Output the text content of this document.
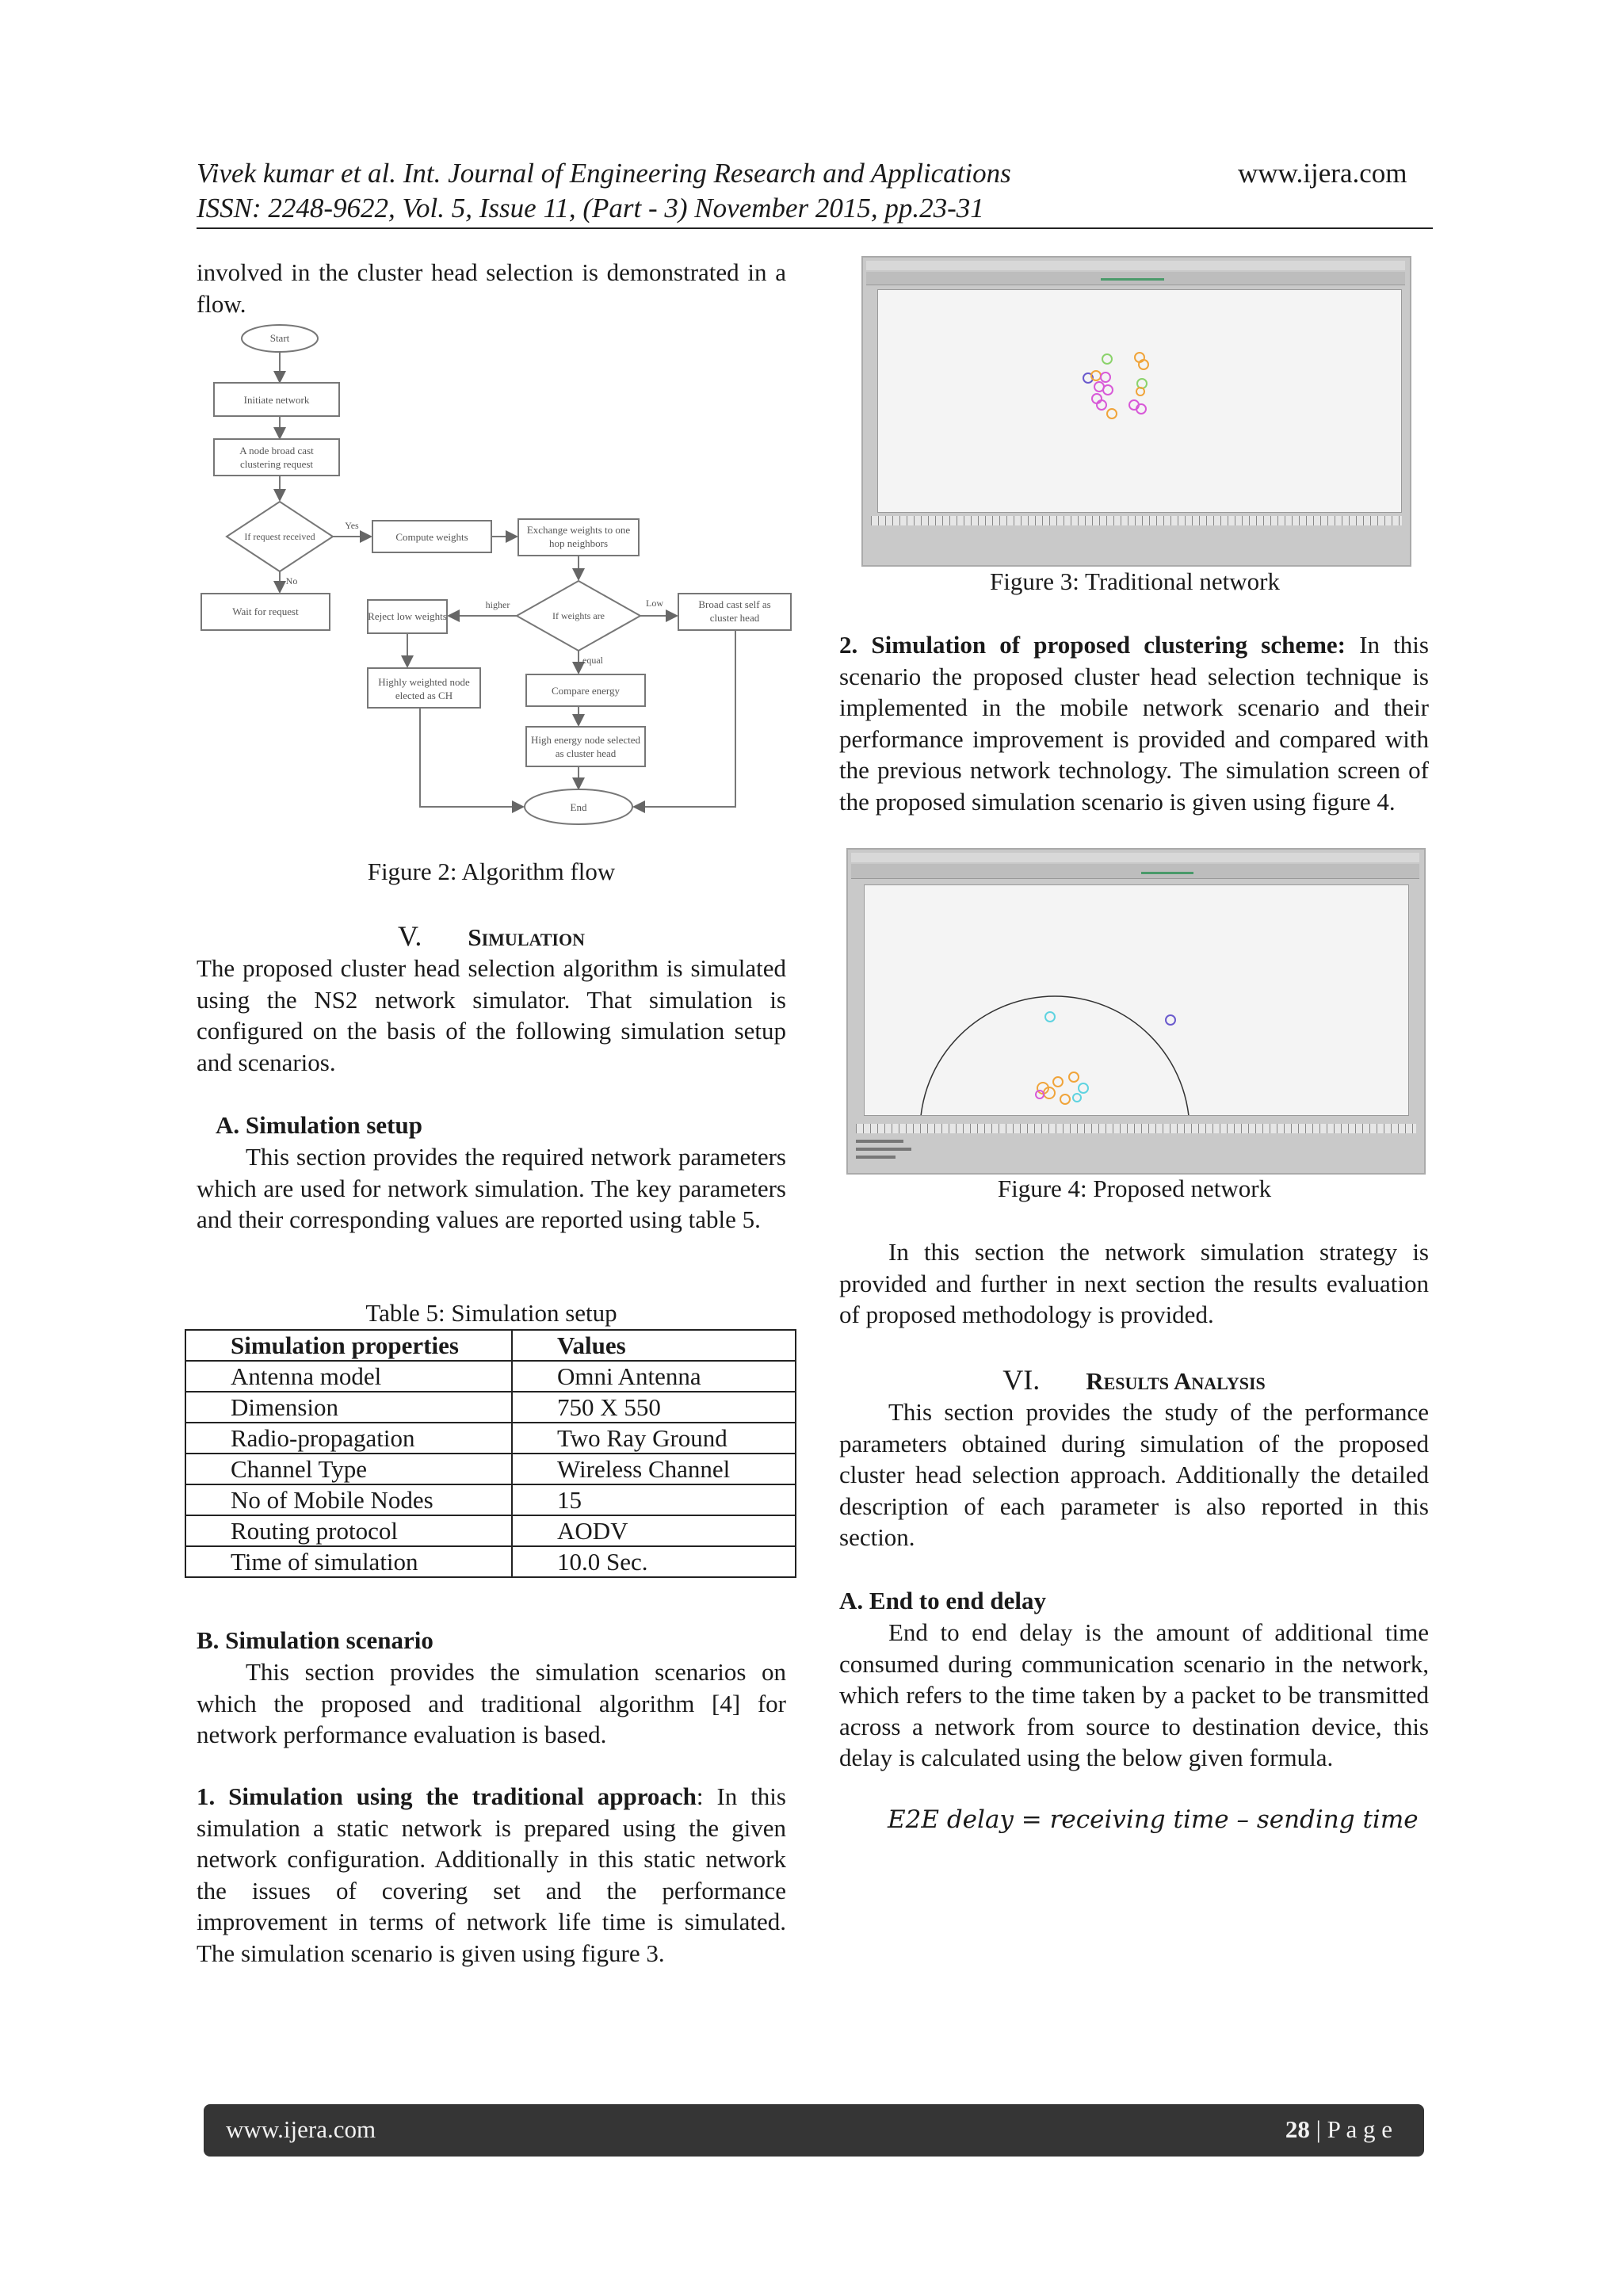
Vivek kumar et al. Int. Journal of Engineering Research and Applications	www.ijera.com
ISSN: 2248-9622, Vol. 5, Issue 11, (Part - 3) November 2015, pp.23-31
involved in the cluster head selection is demonstrated in a flow.
Start
Initiate network
A node broad cast
clustering request
If request received
Yes
No
Wait for request
Compute weights
Exchange weights to one
hop neighbors
If weights are
higher	Low
Reject low weights
Broad cast self as
cluster head
equal
Highly weighted node
elected as CH	Compare energy
High energy node selected
as cluster head
End
Figure 2: Algorithm flow
V. Simulation
The proposed cluster head selection algorithm is simulated using the NS2 network simulator. That simulation is configured on the basis of the following simulation setup and scenarios.
A. Simulation setup
This section provides the required network parameters which are used for network simulation. The key parameters and their corresponding values are reported using table 5.
Table 5: Simulation setup
Simulation properties	Values
Antenna model	Omni Antenna
Dimension	750 X 550
Radio-propagation	Two Ray Ground
Channel Type	Wireless Channel
No of Mobile Nodes	15
Routing protocol	AODV
Time of simulation	10.0 Sec.
B. Simulation scenario
This section provides the simulation scenarios on which the proposed and traditional algorithm [4] for network performance evaluation is based.
1. Simulation using the traditional approach: In this simulation a static network is prepared using the given network configuration. Additionally in this static network the issues of covering set and the performance improvement in terms of network life time is simulated. The simulation scenario is given using figure 3.
Figure 3: Traditional network
2. Simulation of proposed clustering scheme: In this scenario the proposed cluster head selection technique is implemented in the mobile network scenario and their performance improvement is provided and compared with the previous network technology. The simulation screen of the proposed simulation scenario is given using figure 4.
Figure 4: Proposed network
In this section the network simulation strategy is provided and further in next section the results evaluation of proposed methodology is provided.
VI. Results Analysis
This section provides the study of the performance parameters obtained during simulation of the proposed cluster head selection approach. Additionally the detailed description of each parameter is also reported in this section.
A. End to end delay
End to end delay is the amount of additional time consumed during communication scenario in the network, which refers to the time taken by a packet to be transmitted across a network from source to destination device, this delay is calculated using the below given formula.
E2E delay = receiving time – sending time
www.ijera.com	28 | P a g e
